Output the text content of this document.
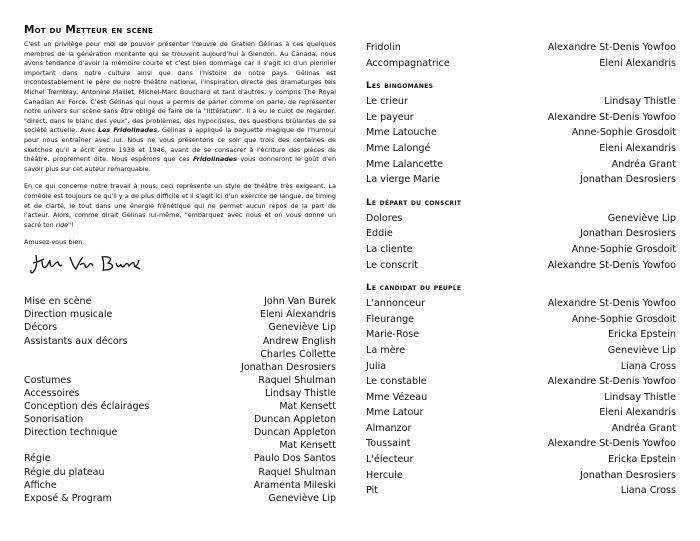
Mot du Metteur en scène

C'est un privilège pour moi de pouvoir présenter l'œuvre de Gratien Gélinas à ces quelques membres de la génération montante qui se trouvent aujourd'hui à Glendon. Au Canada, nous avons tendance d'avoir la mémoire courte et c'est bien dommage car il s'agit ici d'un pionnier important dans notre culture ainsi que dans l'histoire de notre pays. Gélinas est incontestablement le père de notre théâtre national, l'inspiration directe des dramaturges tels Michel Tremblay, Antonine Maillet, Michel-Marc Bouchard et tant d'autres, y compris The Royal Canadian Air Force. C'est Gélinas qui nous a permis de parler comme on parle, de représenter notre univers sur scène sans être obligé de faire de la "littérature". Il a eu le culot de regarder, "direct, dans le blanc des yeux", des problèmes, des hypocrisies, des questions brûlantes de sa société actuelle. Avec Les Fridolinades, Gélinas a appliqué la baguette magique de l'humour pour nous entraîner avec lui. Nous ne vous présentons ce soir que trois des centaines de sketches qu'il a écrit entre 1938 et 1946, avant de se consacrer à l'écriture des pièces de théâtre, proprement dite. Nous espérons que ces Fridolinades vous donneront le goût d'en savoir plus sur cet auteur remarquable.

En ce qui concerne notre travail à nous, ceci représente un style de théâtre très exigeant. La comédie est toujours ce qu'il y a de plus difficile et il s'agit ici d'un exercice de langue, de timing et de clarté, le tout dans une énergie frénétique qui ne permet aucun repos de la part de l'acteur. Alors, comme dirait Gélinas lui-même, "embarquez avec nous et on vous donne un sacré ton ride"!

Amusez-vous bien.
Mise en scène	John Van Burek
Direction musicale	Eleni Alexandris
Décors	Geneviève Lip
Assistants aux décors	Andrew English
Charles Collette
Jonathan Desrosiers
Costumes	Raquel Shulman
Accessoires	Lindsay Thistle
Conception des éclairages	Mat Kensett
Sonorisation	Duncan Appleton
Direction technique	Duncan Appleton
Mat Kensett
Régie	Paulo Dos Santos
Régie du plateau	Raquel Shulman
Affiche	Aramenta Mileski
Exposé & Program	Geneviève Lip
Fridolin	Alexandre St-Denis Yowfoo
Accompagnatrice	Eleni Alexandris
Les bingomanes
Le crieur	Lindsay Thistle
Le payeur	Alexandre St-Denis Yowfoo
Mme Latouche	Anne-Sophie Grosdoit
Mme Lalongé	Eleni Alexandris
Mme Lalancette	Andréa Grant
La vierge Marie	Jonathan Desrosiers
Le départ du conscrit
Dolores	Geneviève Lip
Eddie	Jonathan Desrosiers
La cliente	Anne-Sophie Grosdoit
Le conscrit	Alexandre St-Denis Yowfoo
Le candidat du peuple
L'annonceur	Alexandre St-Denis Yowfoo
Fleurange	Anne-Sophie Grosdoit
Marie-Rose	Ericka Epstein
La mère	Geneviève Lip
Julia	Liana Cross
Le constable	Alexandre St-Denis Yowfoo
Mme Vézeau	Lindsay Thistle
Mme Latour	Eleni Alexandris
Almanzor	Andréa Grant
Toussaint	Alexandre St-Denis Yowfoo
L'électeur	Ericka Epstein
Hercule	Jonathan Desrosiers
Pit	Liana Cross
